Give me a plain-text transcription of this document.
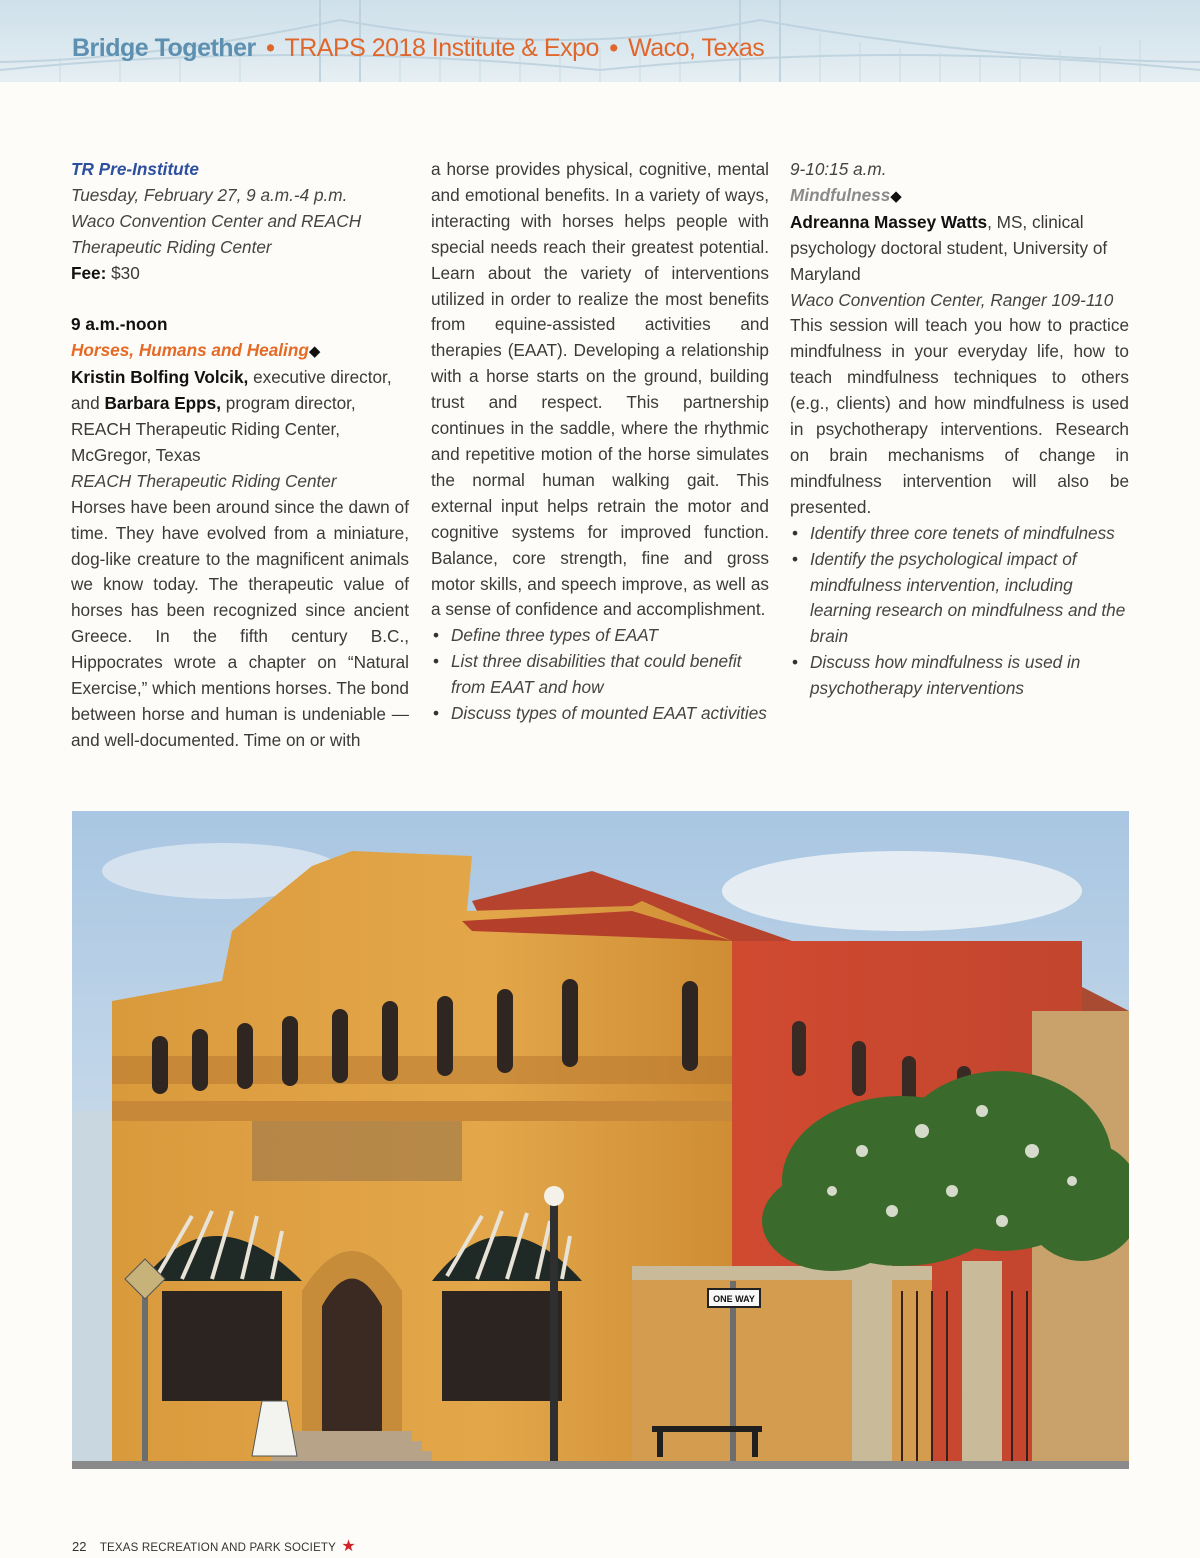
Bridge Together • TRAPS 2018 Institute & Expo • Waco, Texas

TR Pre-Institute

Tuesday, February 27, 9 a.m.-4 p.m.

Waco Convention Center and REACH Therapeutic Riding Center

Fee: $30

9 a.m.-noon

Horses, Humans and Healing◆

Kristin Bolfing Volcik, executive director, and Barbara Epps, program director, REACH Therapeutic Riding Center, McGregor, Texas

REACH Therapeutic Riding Center

Horses have been around since the dawn of time. They have evolved from a miniature, dog-like creature to the magnificent animals we know today. The therapeutic value of horses has been recognized since ancient Greece. In the fifth century B.C., Hippocrates wrote a chapter on “Natural Exercise,” which mentions horses. The bond between horse and human is undeniable — and well-documented. Time on or with

a horse provides physical, cognitive, mental and emotional benefits. In a variety of ways, interacting with horses helps people with special needs reach their greatest potential. Learn about the variety of interventions utilized in order to realize the most benefits from equine-assisted activities and therapies (EAAT). Developing a relationship with a horse starts on the ground, building trust and respect. This partnership continues in the saddle, where the rhythmic and repetitive motion of the horse simulates the normal human walking gait. This external input helps retrain the motor and cognitive systems for improved function. Balance, core strength, fine and gross motor skills, and speech improve, as well as a sense of confidence and accomplishment.

• Define three types of EAAT
• List three disabilities that could benefit from EAAT and how
• Discuss types of mounted EAAT activities

9-10:15 a.m.

Mindfulness◆

Adreanna Massey Watts, MS, clinical psychology doctoral student, University of Maryland

Waco Convention Center, Ranger 109-110

This session will teach you how to practice mindfulness in your everyday life, how to teach mindfulness techniques to others (e.g., clients) and how mindfulness is used in psychotherapy interventions. Research on brain mechanisms of change in mindfulness intervention will also be presented.

• Identify three core tenets of mindfulness
• Identify the psychological impact of mindfulness intervention, including learning research on mindfulness and the brain
• Discuss how mindfulness is used in psychotherapy interventions
ONE WAY
22 TEXAS RECREATION AND PARK SOCIETY ★
